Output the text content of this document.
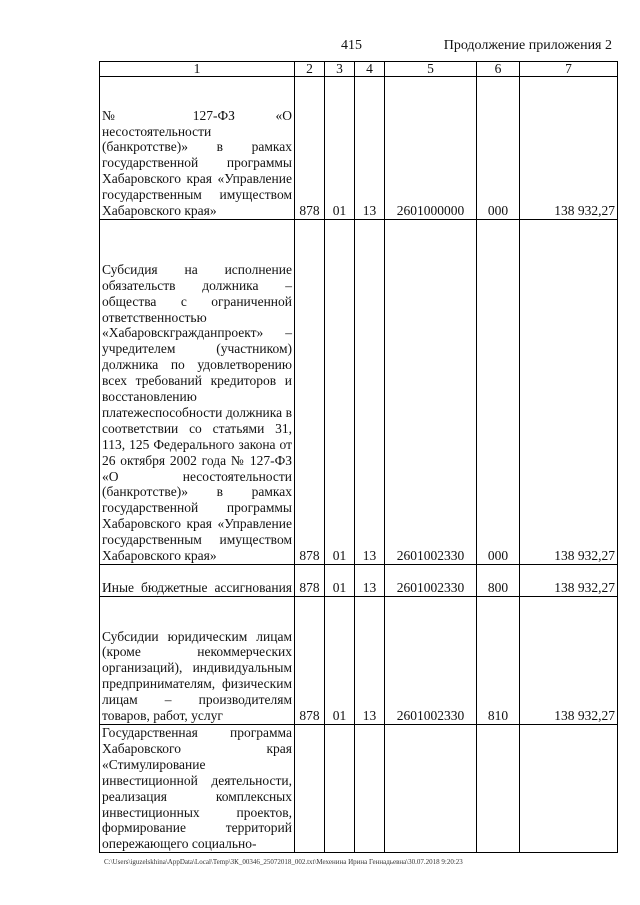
415	Продолжение приложения 2
1	2	3	4	5	6	7
№ 127-ФЗ «О несостоятельности (банкротстве)» в рамках государственной программы Хабаровского края «Управление государственным имуществом Хабаровского края»	878	01	13	2601000000	000	138 932,27
Субсидия на исполнение обязательств должника – общества с ограниченной ответственностью «Хабаровскгражданпроект» – учредителем (участником) должника по удовлетворению всех требований кредиторов и восстановлению платежеспособности должника в соответствии со статьями 31, 113, 125 Федерального закона от 26 октября 2002 года № 127-ФЗ «О несостоятельности (банкротстве)» в рамках государственной программы Хабаровского края «Управление государственным имуществом Хабаровского края»	878	01	13	2601002330	000	138 932,27
Иные бюджетные ассигнования	878	01	13	2601002330	800	138 932,27
Субсидии юридическим лицам (кроме некоммерческих организаций), индивидуальным предпринимателям, физическим лицам – производителям товаров, работ, услуг	878	01	13	2601002330	810	138 932,27
Государственная программа Хабаровского края «Стимулирование инвестиционной деятельности, реализация комплексных инвестиционных проектов, формирование территорий опережающего социально-						
C:\Users\iguzelskhina\AppData\Local\Temp\ЗК_00346_25072018_002.txt\Мехенина Ирина Геннадьевна\30.07.2018 9:20:23
